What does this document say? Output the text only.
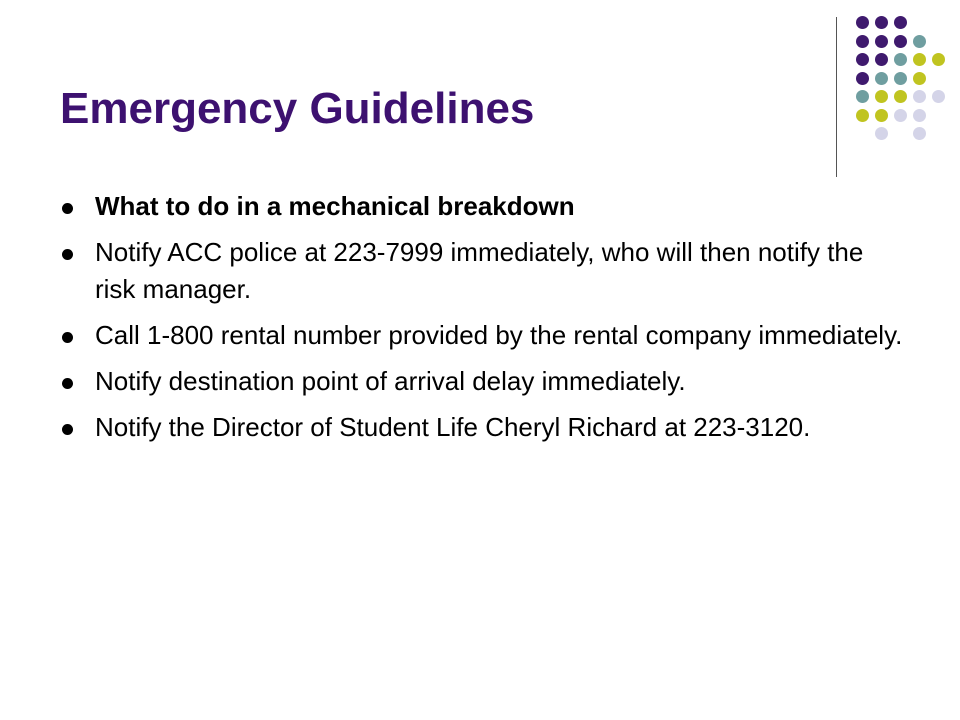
Emergency Guidelines
What to do in a mechanical breakdown
Notify ACC police at 223-7999 immediately, who will then notify the risk manager.
Call 1-800 rental number provided by the rental company immediately.
Notify destination point of arrival delay immediately.
Notify the Director of Student Life Cheryl Richard at 223-3120.
